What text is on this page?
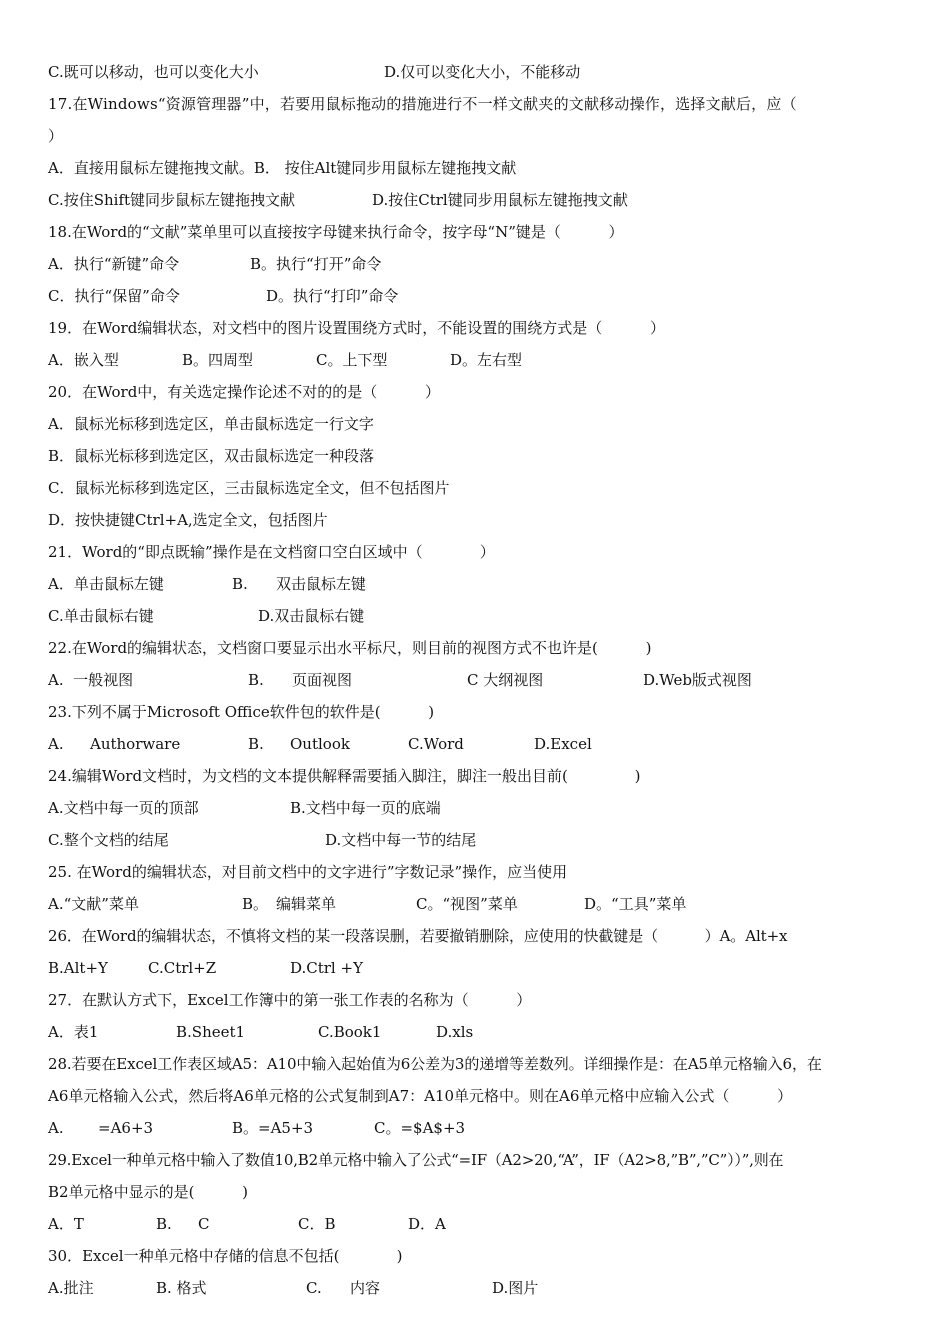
C.既可以移动，也可以变化大小	D.仅可以变化大小，不能移动
17.在Windows“资源管理器”中，若要用鼠标拖动的措施进行不一样文献夹的文献移动操作，选择文献后，应（
）
A．直接用鼠标左键拖拽文献。B． 按住Alt键同步用鼠标左键拖拽文献
C.按住Shift键同步鼠标左键拖拽文献	D.按住Ctrl键同步用鼠标左键拖拽文献
18.在Word的“文献”菜单里可以直接按字母键来执行命令，按字母“N”键是（          ）
A．执行“新键”命令	B。执行“打开”命令
C．执行“保留”命令	D。执行“打印”命令
19．在Word编辑状态，对文档中的图片设置围绕方式时，不能设置的围绕方式是（          ）
A．嵌入型	B。四周型	C。上下型	D。左右型
20．在Word中，有关选定操作论述不对的的是（          ）
A．鼠标光标移到选定区，单击鼠标选定一行文字
B．鼠标光标移到选定区，双击鼠标选定一种段落
C．鼠标光标移到选定区，三击鼠标选定全文，但不包括图片
D．按快捷键Ctrl+A,选定全文，包括图片
21．Word的“即点既输”操作是在文档窗口空白区域中（            ）
A．单击鼠标左键	B. 双击鼠标左键
C.单击鼠标右键	D.双击鼠标右键
22.在Word的编辑状态，文档窗口要显示出水平标尺，则目前的视图方式不也许是(          )
A.  一般视图	B. 页面视图	C 大纲视图	D.Web版式视图
23.下列不属于Microsoft Office软件包的软件是(          )
A. Authorware	B. Outlook	C.Word	D.Excel
24.编辑Word文档时，为文档的文本提供解释需要插入脚注，脚注一般出目前(              )
A.文档中每一页的顶部	B.文档中每一页的底端
C.整个文档的结尾	D.文档中每一节的结尾
25. 在Word的编辑状态，对目前文档中的文字进行”字数记录”操作，应当使用
A.“文献”菜单	B。 编辑菜单	C。“视图”菜单	D。“工具”菜单
26．在Word的编辑状态，不慎将文档的某一段落误删，若要撤销删除，应使用的快截键是（          ）A。Alt+x
B.Alt+Y	C.Ctrl+Z	D.Ctrl +Y
27．在默认方式下，Excel工作簿中的第一张工作表的名称为（          ）
A．表1	B.Sheet1	C.Book1	D.xls
28.若要在Excel工作表区域A5：A10中输入起始值为6公差为3的递增等差数列。详细操作是：在A5单元格输入6，在
A6单元格输入公式，然后将A6单元格的公式复制到A7：A10单元格中。则在A6单元格中应输入公式（          ）
A. =A6+3	B。=A5+3	C。=$A$+3
29.Excel一种单元格中输入了数值10,B2单元格中输入了公式“=IF（A2>20,“A”，IF（A2>8,”B”,”C”））”,则在
B2单元格中显示的是(          )
A．T	B. C	C．B	D．A
30．Excel一种单元格中存储的信息不包括(            )
A.批注	B. 格式	C. 内容	D.图片
